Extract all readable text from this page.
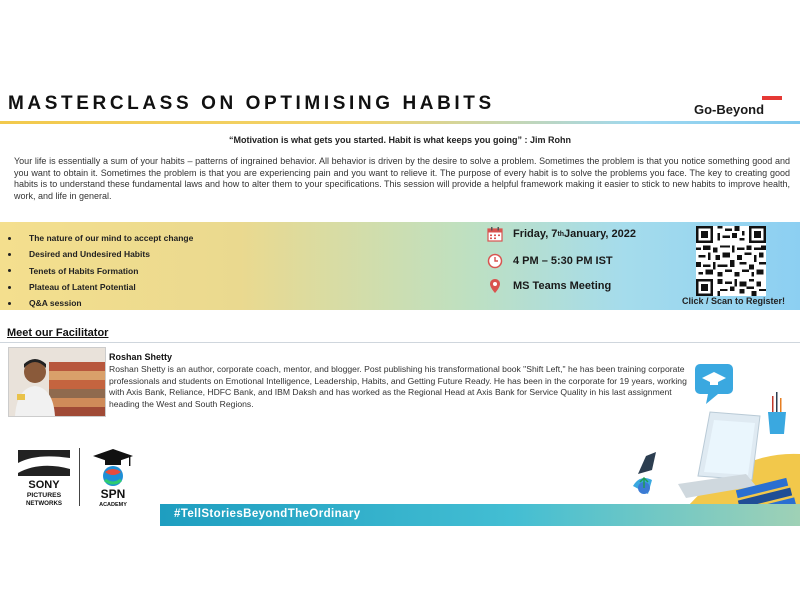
MASTERCLASS ON OPTIMISING HABITS	Go-Beyond
“Motivation is what gets you started. Habit is what keeps you going” : Jim Rohn
Your life is essentially a sum of your habits – patterns of ingrained behavior. All behavior is driven by the desire to solve a problem. Sometimes the problem is that you notice something good and you want to obtain it. Sometimes the problem is that you are experiencing pain and you want to relieve it. The purpose of every habit is to solve the problems you face. The key to creating good habits is to understand these fundamental laws and how to alter them to your specifications. This session will provide a helpful framework making it easier to stick to new habits to improve health, work, and life in general.
The nature of our mind to accept change
Desired and Undesired Habits
Tenets of Habits Formation
Plateau of Latent Potential
Q&A session
Friday, 7 th January, 2022
4 PM – 5:30 PM IST
MS Teams Meeting
Click / Scan to Register!
Meet our Facilitator
Roshan Shetty
Roshan Shetty is an author, corporate coach, mentor, and blogger. Post publishing his transformational book "Shift Left," he has been training corporate professionals and students on Emotional Intelligence, Leadership, Habits, and Getting Future Ready. He has been in the corporate for 19 years, working with Axis Bank, Reliance, HDFC Bank, and IBM Daksh and has worked as the Regional Head at Axis Bank for Service Quality in his last assignment heading the West and South Regions.
SONY
PICTURES
NETWORKS
SPN
ACADEMY
#TellStoriesBeyondTheOrdinary
